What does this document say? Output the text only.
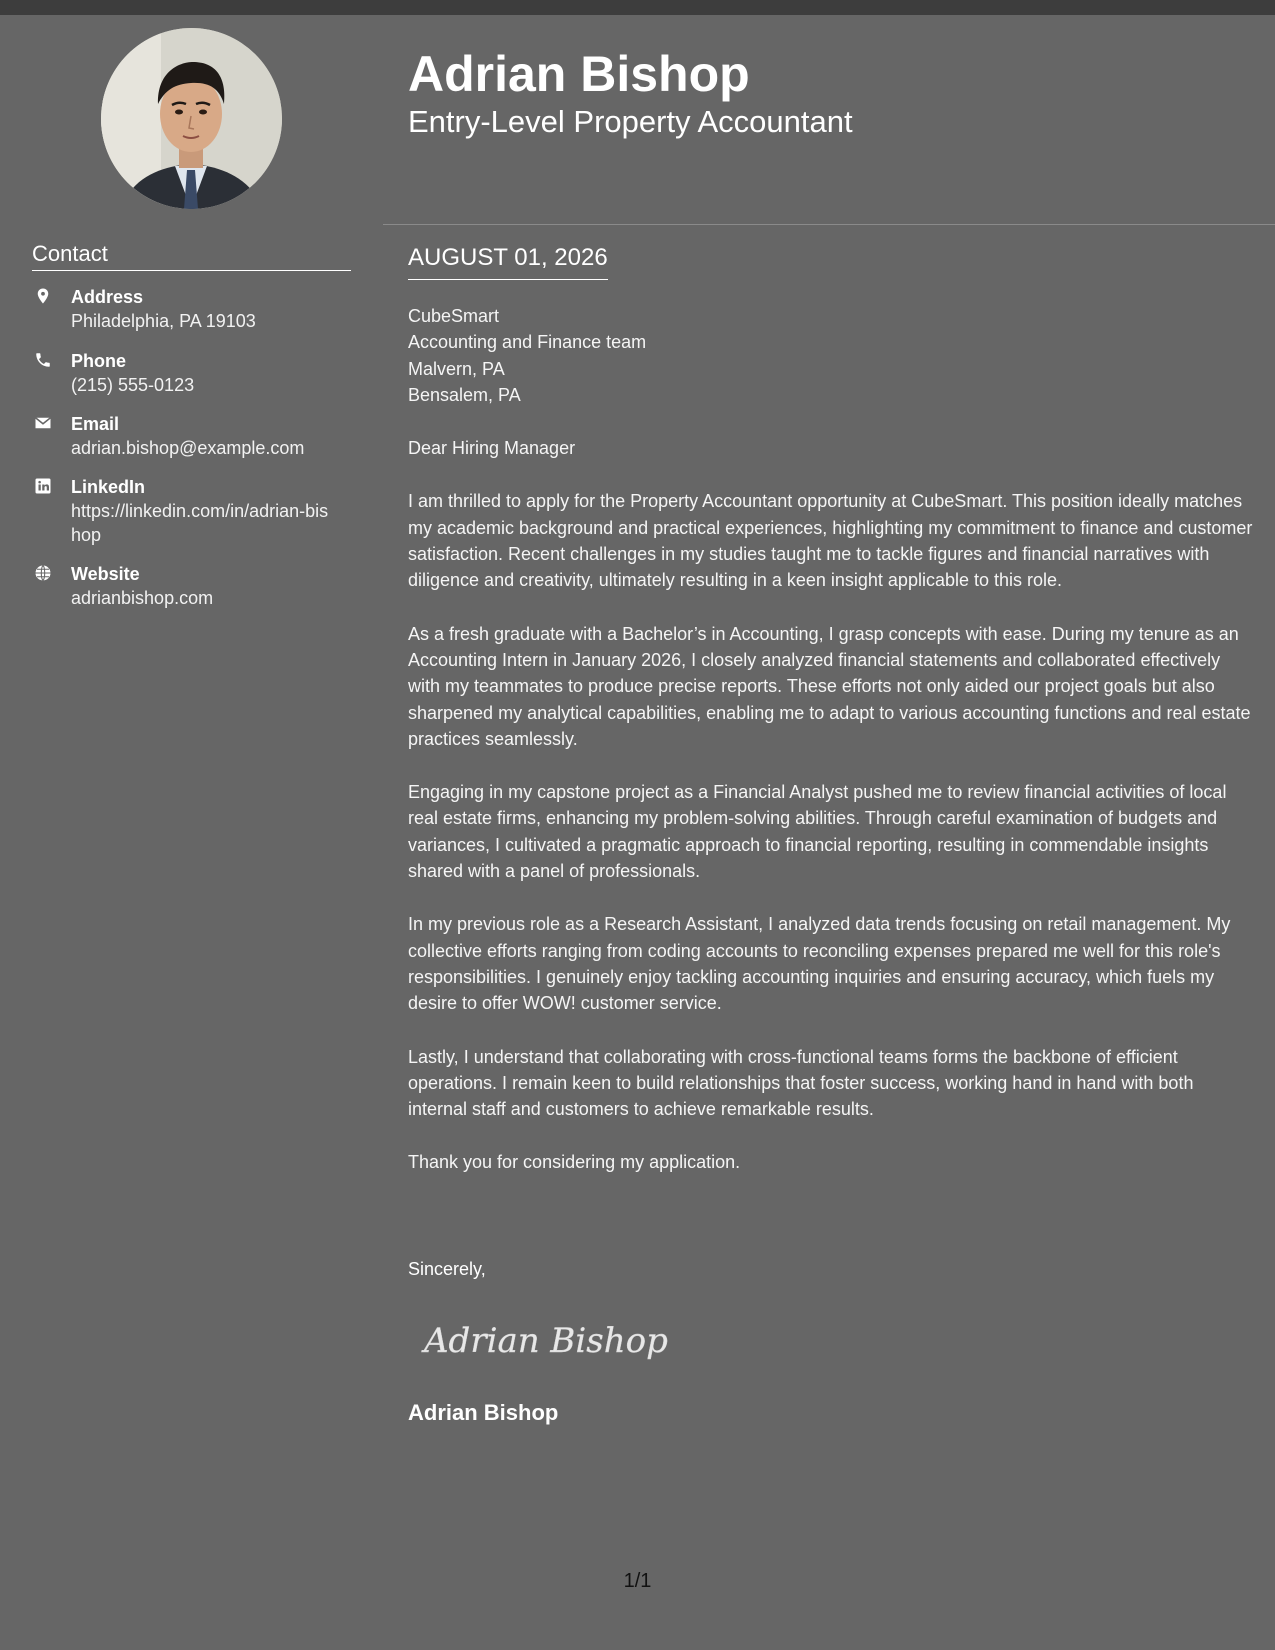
Contact
Address
Philadelphia, PA 19103
Phone
(215) 555-0123
Email
adrian.bishop@example.com
LinkedIn
https://linkedin.com/in/adrian-bishop
Website
adrianbishop.com
Adrian Bishop
Entry-Level Property Accountant
AUGUST 01, 2026
CubeSmart
Accounting and Finance team
Malvern, PA
Bensalem, PA
Dear Hiring Manager

I am thrilled to apply for the Property Accountant opportunity at CubeSmart. This position ideally matches my academic background and practical experiences, highlighting my commitment to finance and customer satisfaction. Recent challenges in my studies taught me to tackle figures and financial narratives with diligence and creativity, ultimately resulting in a keen insight applicable to this role.

As a fresh graduate with a Bachelor’s in Accounting, I grasp concepts with ease. During my tenure as an Accounting Intern in January 2026, I closely analyzed financial statements and collaborated effectively with my teammates to produce precise reports. These efforts not only aided our project goals but also sharpened my analytical capabilities, enabling me to adapt to various accounting functions and real estate practices seamlessly.

Engaging in my capstone project as a Financial Analyst pushed me to review financial activities of local real estate firms, enhancing my problem-solving abilities. Through careful examination of budgets and variances, I cultivated a pragmatic approach to financial reporting, resulting in commendable insights shared with a panel of professionals.

In my previous role as a Research Assistant, I analyzed data trends focusing on retail management. My collective efforts ranging from coding accounts to reconciling expenses prepared me well for this role's responsibilities. I genuinely enjoy tackling accounting inquiries and ensuring accuracy, which fuels my desire to offer WOW! customer service.

Lastly, I understand that collaborating with cross-functional teams forms the backbone of efficient operations. I remain keen to build relationships that foster success, working hand in hand with both internal staff and customers to achieve remarkable results.

Thank you for considering my application.

Sincerely,
Adrian Bishop
Adrian Bishop
1/1
